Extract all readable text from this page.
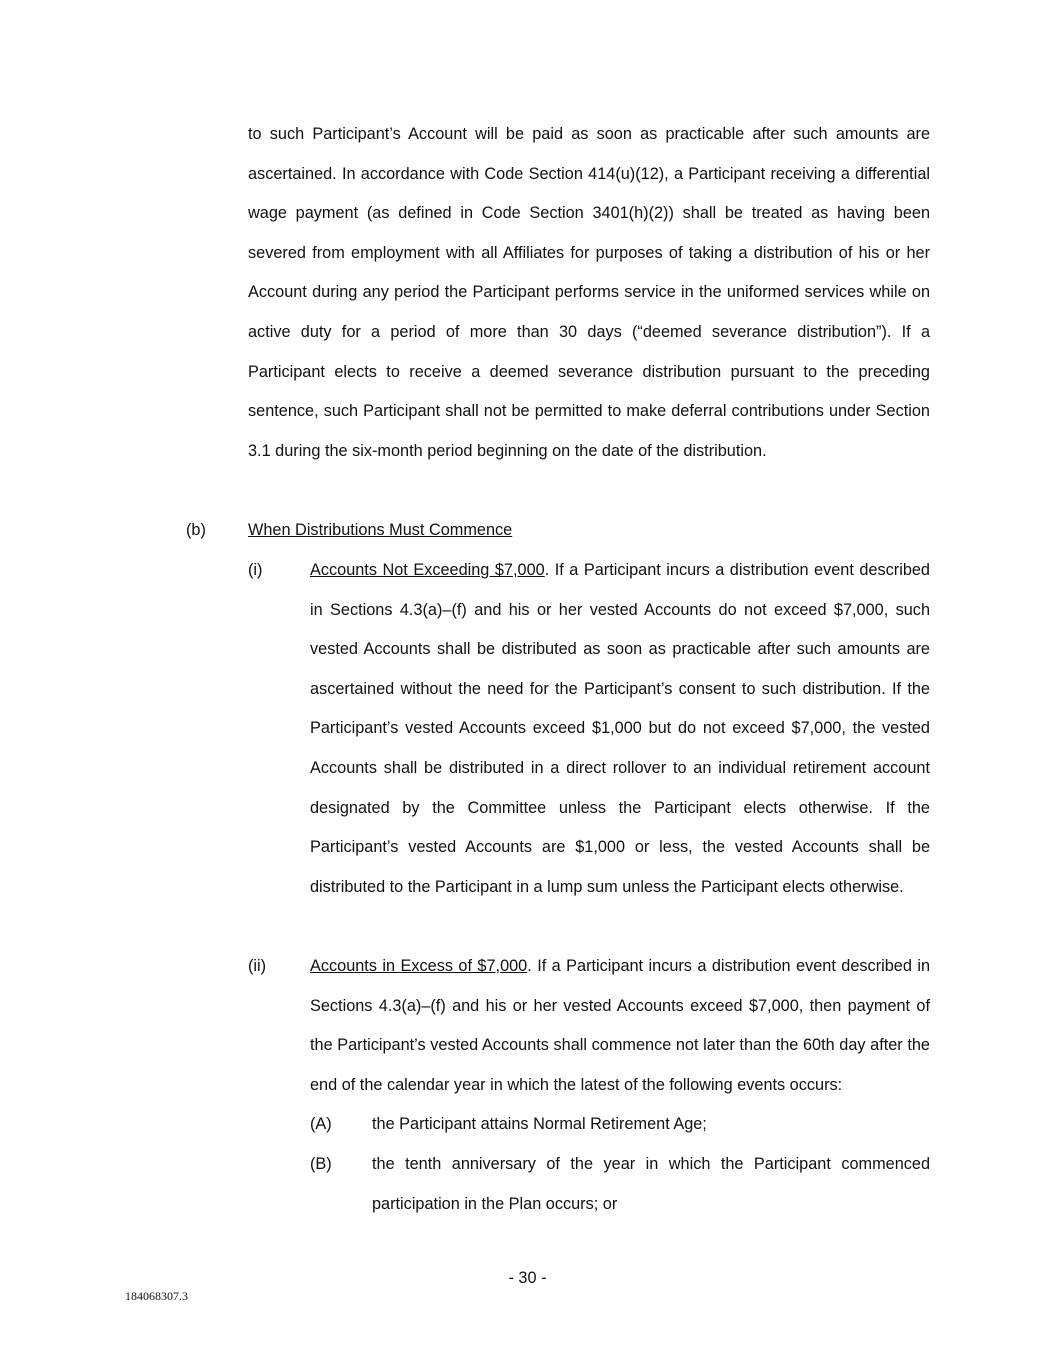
to such Participant’s Account will be paid as soon as practicable after such amounts are ascertained. In accordance with Code Section 414(u)(12), a Participant receiving a differential wage payment (as defined in Code Section 3401(h)(2)) shall be treated as having been severed from employment with all Affiliates for purposes of taking a distribution of his or her Account during any period the Participant performs service in the uniformed services while on active duty for a period of more than 30 days (“deemed severance distribution”). If a Participant elects to receive a deemed severance distribution pursuant to the preceding sentence, such Participant shall not be permitted to make deferral contributions under Section 3.1 during the six-month period beginning on the date of the distribution.

(b)	When Distributions Must Commence
(i)	Accounts Not Exceeding $7,000. If a Participant incurs a distribution event described in Sections 4.3(a)–(f) and his or her vested Accounts do not exceed $7,000, such vested Accounts shall be distributed as soon as practicable after such amounts are ascertained without the need for the Participant’s consent to such distribution. If the Participant’s vested Accounts exceed $1,000 but do not exceed $7,000, the vested Accounts shall be distributed in a direct rollover to an individual retirement account designated by the Committee unless the Participant elects otherwise. If the Participant’s vested Accounts are $1,000 or less, the vested Accounts shall be distributed to the Participant in a lump sum unless the Participant elects otherwise.

(ii)	Accounts in Excess of $7,000. If a Participant incurs a distribution event described in Sections 4.3(a)–(f) and his or her vested Accounts exceed $7,000, then payment of the Participant’s vested Accounts shall commence not later than the 60th day after the end of the calendar year in which the latest of the following events occurs:

(A) the Participant attains Normal Retirement Age;

(B) the tenth anniversary of the year in which the Participant commenced participation in the Plan occurs; or

- 30 -
184068307.3
